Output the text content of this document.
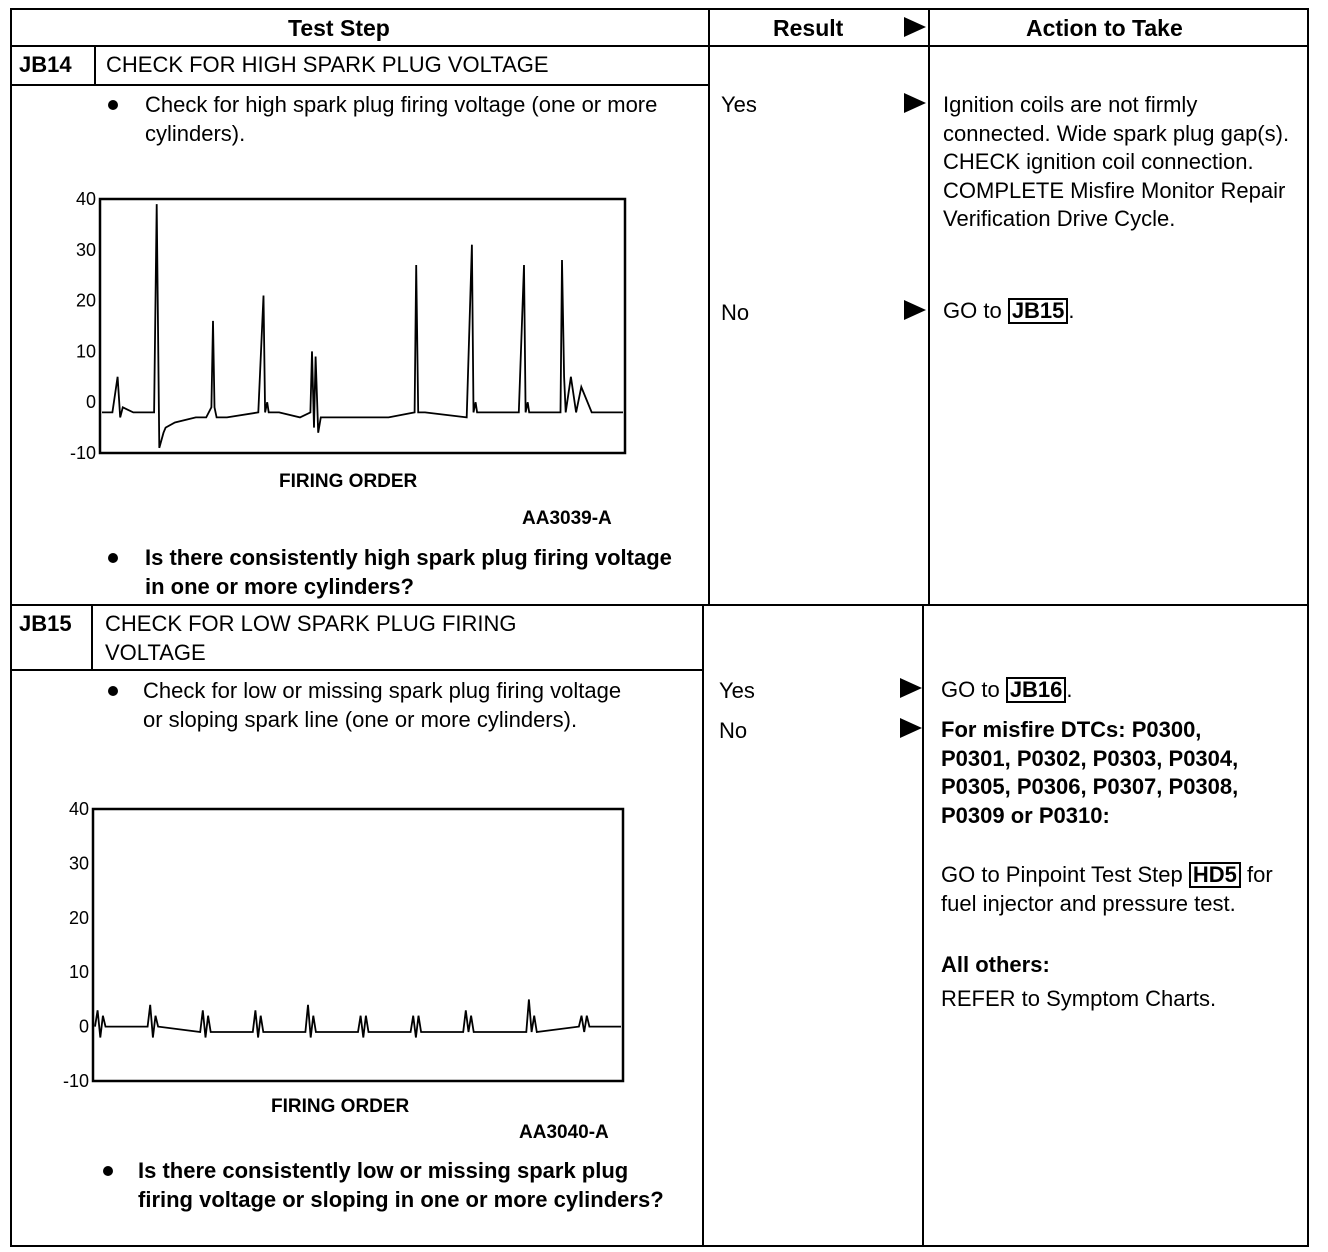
Test Step	Result	Action to Take
JB14 CHECK FOR HIGH SPARK PLUG VOLTAGE
Check for high spark plug firing voltage (one or more cylinders).
40
30
20
10
0
-10
FIRING ORDER
AA3039-A
Is there consistently high spark plug firing voltage in one or more cylinders?
Yes	Ignition coils are not firmly connected. Wide spark plug gap(s). CHECK ignition coil connection. COMPLETE Misfire Monitor Repair Verification Drive Cycle.
No	GO to JB15 .
JB15 CHECK FOR LOW SPARK PLUG FIRING VOLTAGE
Check for low or missing spark plug firing voltage or sloping spark line (one or more cylinders).
40
30
20
10
0
-10
FIRING ORDER
AA3040-A
Is there consistently low or missing spark plug firing voltage or sloping in one or more cylinders?
Yes	GO to JB16 .
No	For misfire DTCs: P0300, P0301, P0302, P0303, P0304, P0305, P0306, P0307, P0308, P0309 or P0310:
GO to Pinpoint Test Step HD5 for fuel injector and pressure test.
All others:
REFER to Symptom Charts.
